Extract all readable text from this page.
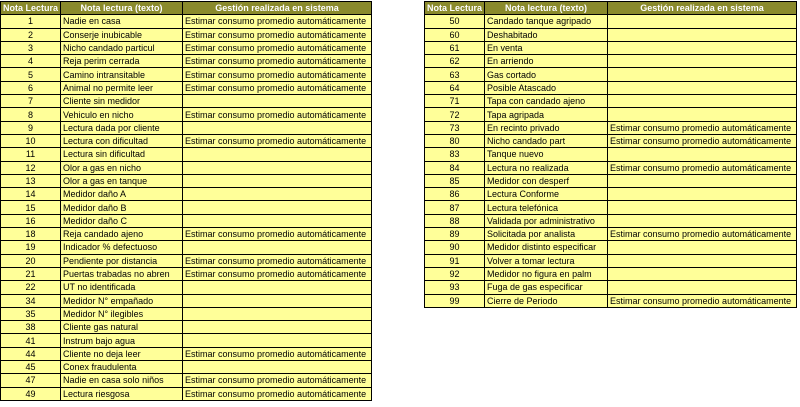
Nota Lectura	Nota lectura (texto)	Gestión realizada en sistema
1	Nadie en casa	Estimar consumo promedio automáticamente
2	Conserje inubicable	Estimar consumo promedio automáticamente
3	Nicho candado particul	Estimar consumo promedio automáticamente
4	Reja perim cerrada	Estimar consumo promedio automáticamente
5	Camino intransitable	Estimar consumo promedio automáticamente
6	Animal no permite leer	Estimar consumo promedio automáticamente
7	Cliente sin medidor	
8	Vehiculo en nicho	Estimar consumo promedio automáticamente
9	Lectura dada por cliente	
10	Lectura con dificultad	Estimar consumo promedio automáticamente
11	Lectura sin dificultad	
12	Olor a gas en nicho	
13	Olor a gas en tanque	
14	Medidor daño A	
15	Medidor daño B	
16	Medidor daño C	
18	Reja candado ajeno	Estimar consumo promedio automáticamente
19	Indicador % defectuoso	
20	Pendiente por distancia	Estimar consumo promedio automáticamente
21	Puertas trabadas no abren	Estimar consumo promedio automáticamente
22	UT no identificada	
34	Medidor N° empañado	
35	Medidor N° ilegibles	
38	Cliente gas natural	
41	Instrum bajo agua	
44	Cliente no deja leer	Estimar consumo promedio automáticamente
45	Conex fraudulenta	
47	Nadie en casa solo niños	Estimar consumo promedio automáticamente
49	Lectura riesgosa	Estimar consumo promedio automáticamente
Nota Lectura	Nota lectura (texto)	Gestión realizada en sistema
50	Candado tanque agripado	
60	Deshabitado	
61	En venta	
62	En arriendo	
63	Gas cortado	
64	Posible Atascado	
71	Tapa con candado ajeno	
72	Tapa agripada	
73	En recinto privado	Estimar consumo promedio automáticamente
80	Nicho candado part	Estimar consumo promedio automáticamente
83	Tanque nuevo	
84	Lectura no realizada	Estimar consumo promedio automáticamente
85	Medidor con desperf	
86	Lectura Conforme	
87	Lectura telefónica	
88	Validada por administrativo	
89	Solicitada por analista	Estimar consumo promedio automáticamente
90	Medidor distinto especificar	
91	Volver a tomar lectura	
92	Medidor no figura en palm	
93	Fuga de gas especificar	
99	Cierre de Periodo	Estimar consumo promedio automáticamente
